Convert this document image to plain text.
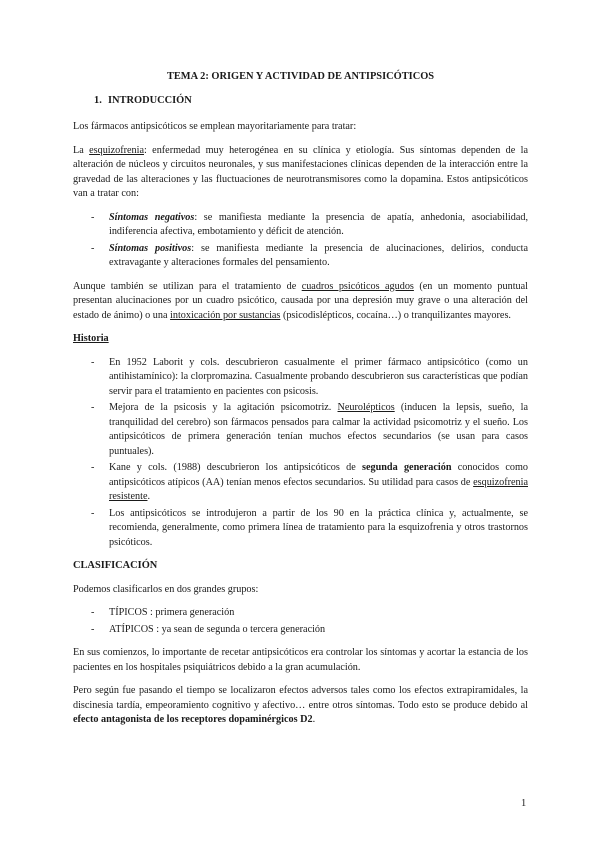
TEMA 2: ORIGEN Y ACTIVIDAD DE ANTIPSICÓTICOS
1. INTRODUCCIÓN

Los fármacos antipsicóticos se emplean mayoritariamente para tratar:

La esquizofrenia: enfermedad muy heterogénea en su clínica y etiología. Sus síntomas dependen de la alteración de núcleos y circuitos neuronales, y sus manifestaciones clínicas dependen de la interacción entre la gravedad de las alteraciones y las fluctuaciones de neurotransmisores como la dopamina. Estos antipsicóticos van a tratar con:

- Síntomas negativos: se manifiesta mediante la presencia de apatía, anhedonia, asociabilidad, indiferencia afectiva, embotamiento y déficit de atención.
- Síntomas positivos: se manifiesta mediante la presencia de alucinaciones, delirios, conducta extravagante y alteraciones formales del pensamiento.

Aunque también se utilizan para el tratamiento de cuadros psicóticos agudos (en un momento puntual presentan alucinaciones por un cuadro psicótico, causada por una depresión muy grave o una alteración del estado de ánimo) o una intoxicación por sustancias (psicodislépticos, cocaína…) o tranquilizantes mayores.

Historia
- En 1952 Laborit y cols. descubrieron casualmente el primer fármaco antipsicótico (como un antihistamínico): la clorpromazina. Casualmente probando descubrieron sus características que podían servir para el tratamiento en pacientes con psicosis.
- Mejora de la psicosis y la agitación psicomotriz. Neurolépticos (inducen la lepsis, sueño, la tranquilidad del cerebro) son fármacos pensados para calmar la actividad psicomotriz y el sueño. Los antipsicóticos de primera generación tenían muchos efectos secundarios (se usan para casos puntuales).
- Kane y cols. (1988) descubrieron los antipsicóticos de segunda generación conocidos como antipsicóticos atípicos (AA) tenían menos efectos secundarios. Su utilidad para casos de esquizofrenia resistente.
- Los antipsicóticos se introdujeron a partir de los 90 en la práctica clínica y, actualmente, se recomienda, generalmente, como primera línea de tratamiento para la esquizofrenia y otros trastornos psicóticos.
CLASIFICACIÓN

Podemos clasificarlos en dos grandes grupos:

- TÍPICOS : primera generación
- ATÍPICOS : ya sean de segunda o tercera generación

En sus comienzos, lo importante de recetar antipsicóticos era controlar los síntomas y acortar la estancia de los pacientes en los hospitales psiquiátricos debido a la gran acumulación.

Pero según fue pasando el tiempo se localizaron efectos adversos tales como los efectos extrapiramidales, la discinesia tardía, empeoramiento cognitivo y afectivo… entre otros síntomas. Todo esto se produce debido al efecto antagonista de los receptores dopaminérgicos D2.

1
